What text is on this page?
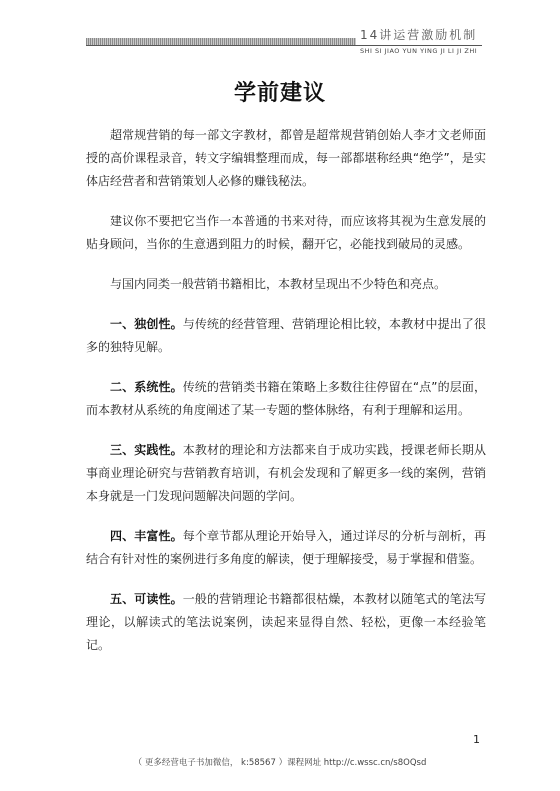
14讲运营激励机制
SHI SI JIAO YUN YING JI LI JI ZHI
学前建议

超常规营销的每一部文字教材，都曾是超常规营销创始人李才文老师面授的高价课程录音，转文字编辑整理而成，每一部都堪称经典“绝学”，是实体店经营者和营销策划人必修的赚钱秘法。

建议你不要把它当作一本普通的书来对待，而应该将其视为生意发展的贴身顾问，当你的生意遇到阻力的时候，翻开它，必能找到破局的灵感。

与国内同类一般营销书籍相比，本教材呈现出不少特色和亮点。

一、独创性。与传统的经营管理、营销理论相比较，本教材中提出了很多的独特见解。

二、系统性。传统的营销类书籍在策略上多数往往停留在“点”的层面，而本教材从系统的角度阐述了某一专题的整体脉络，有利于理解和运用。

三、实践性。本教材的理论和方法都来自于成功实践，授课老师长期从事商业理论研究与营销教育培训，有机会发现和了解更多一线的案例，营销本身就是一门发现问题解决问题的学问。

四、丰富性。每个章节都从理论开始导入，通过详尽的分析与剖析，再结合有针对性的案例进行多角度的解读，便于理解接受，易于掌握和借鉴。

五、可读性。一般的营销理论书籍都很枯燥，本教材以随笔式的笔法写理论，以解读式的笔法说案例，读起来显得自然、轻松，更像一本经验笔记。

1
（ 更多经营电子书加微信， k:58567 ）课程网址 http://c.wssc.cn/s8OQsd
